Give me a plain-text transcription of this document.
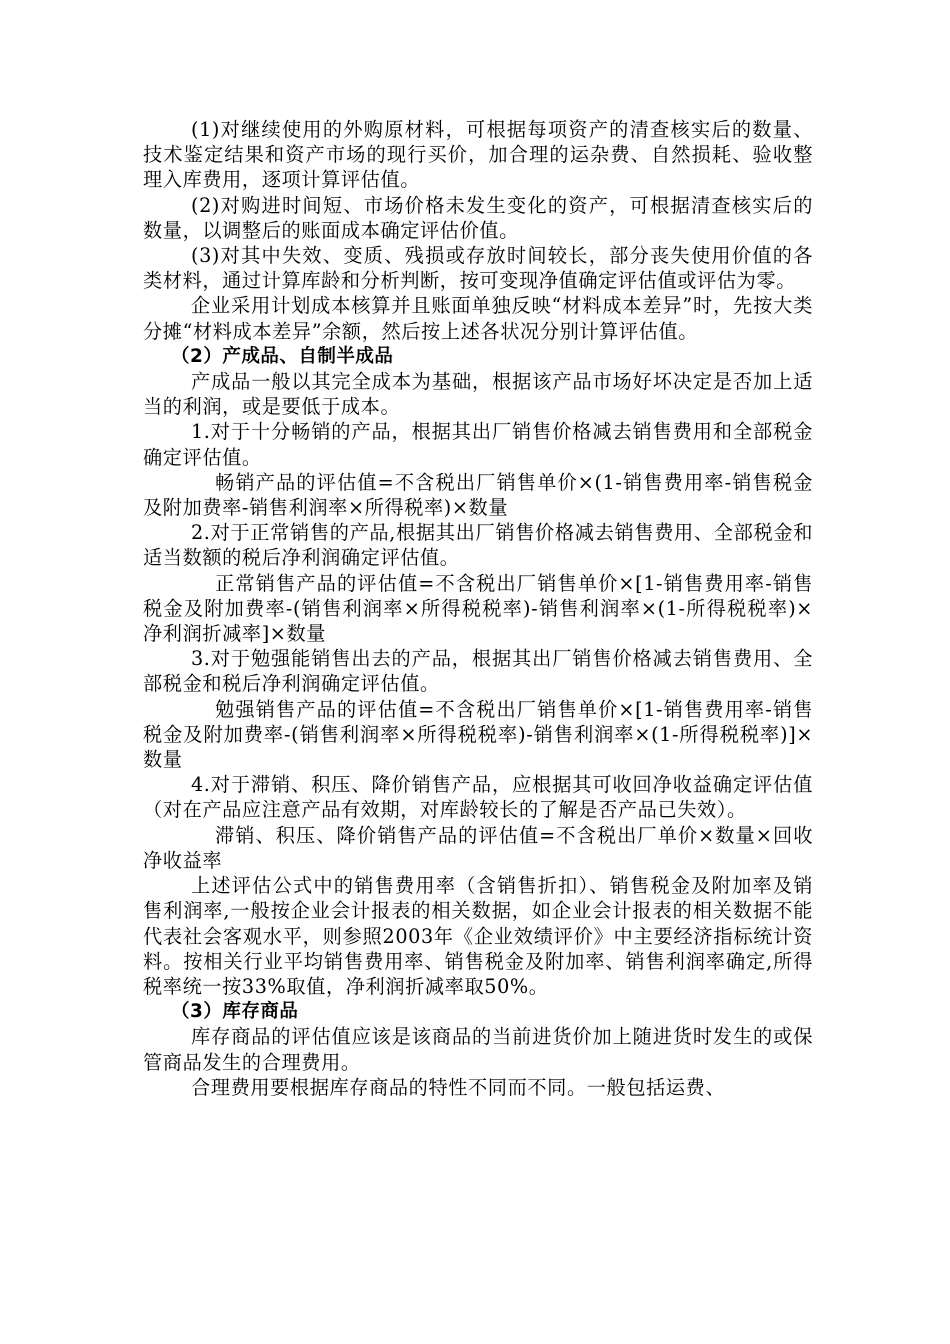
(1)对继续使用的外购原材料，可根据每项资产的清查核实后的数量、技术鉴定结果和资产市场的现行买价，加合理的运杂费、自然损耗、验收整理入库费用，逐项计算评估值。

(2)对购进时间短、市场价格未发生变化的资产，可根据清查核实后的数量，以调整后的账面成本确定评估价值。

(3)对其中失效、变质、残损或存放时间较长，部分丧失使用价值的各类材料，通过计算库龄和分析判断，按可变现净值确定评估值或评估为零。

企业采用计划成本核算并且账面单独反映“材料成本差异”时，先按大类分摊“材料成本差异”余额，然后按上述各状况分别计算评估值。

（2）产成品、自制半成品

产成品一般以其完全成本为基础，根据该产品市场好坏决定是否加上适当的利润，或是要低于成本。

1.对于十分畅销的产品，根据其出厂销售价格减去销售费用和全部税金确定评估值。

畅销产品的评估值=不含税出厂销售单价×(1-销售费用率-销售税金及附加费率-销售利润率×所得税率)×数量

2.对于正常销售的产品,根据其出厂销售价格减去销售费用、全部税金和适当数额的税后净利润确定评估值。

正常销售产品的评估值=不含税出厂销售单价×[1-销售费用率-销售税金及附加费率-(销售利润率×所得税税率)-销售利润率×(1-所得税税率)×净利润折减率]×数量

3.对于勉强能销售出去的产品，根据其出厂销售价格减去销售费用、全部税金和税后净利润确定评估值。

勉强销售产品的评估值=不含税出厂销售单价×[1-销售费用率-销售税金及附加费率-(销售利润率×所得税税率)-销售利润率×(1-所得税税率)]×数量

4.对于滞销、积压、降价销售产品，应根据其可收回净收益确定评估值（对在产品应注意产品有效期，对库龄较长的了解是否产品已失效）。

滞销、积压、降价销售产品的评估值=不含税出厂单价×数量×回收净收益率

上述评估公式中的销售费用率（含销售折扣）、销售税金及附加率及销售利润率,一般按企业会计报表的相关数据，如企业会计报表的相关数据不能代表社会客观水平，则参照2003年《企业效绩评价》中主要经济指标统计资料。按相关行业平均销售费用率、销售税金及附加率、销售利润率确定,所得税率统一按33%取值，净利润折减率取50%。

（3）库存商品

库存商品的评估值应该是该商品的当前进货价加上随进货时发生的或保管商品发生的合理费用。

合理费用要根据库存商品的特性不同而不同。一般包括运费、
